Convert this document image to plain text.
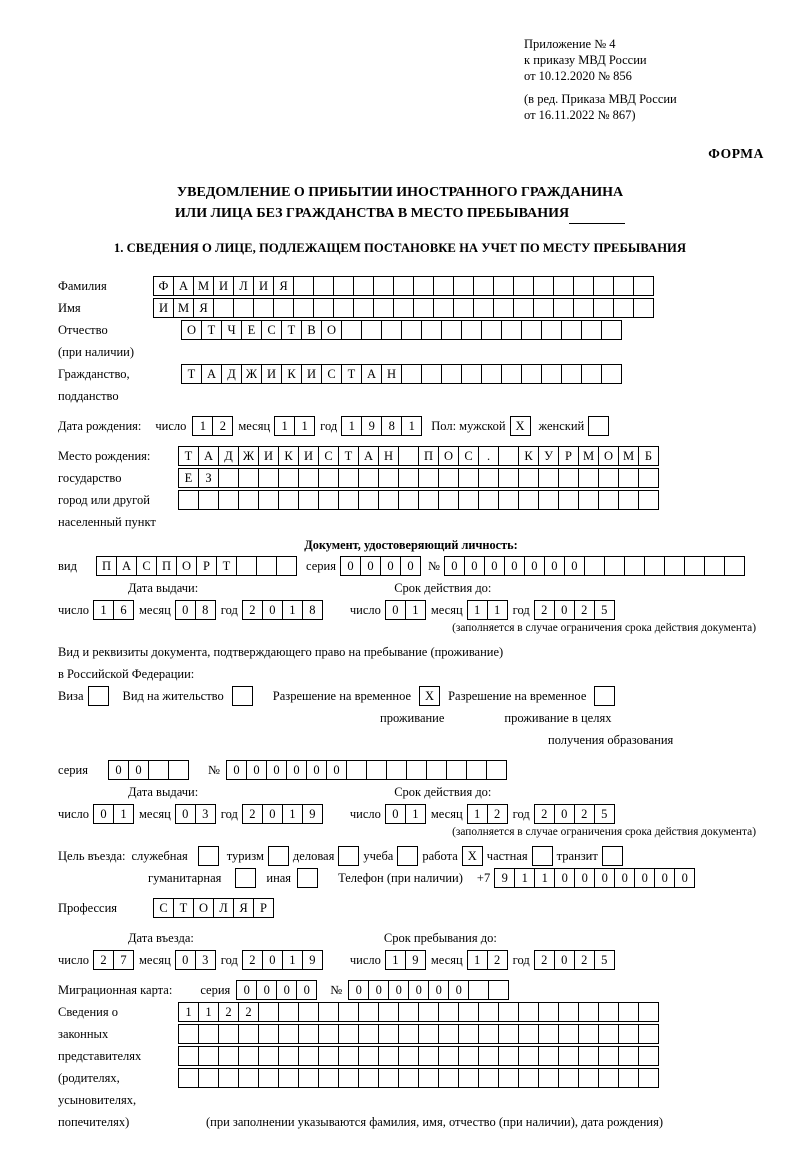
Приложение № 4
к приказу МВД России
от 10.12.2020 № 856
(в ред. Приказа МВД России
от 16.11.2022 № 867)
ФОРМА
УВЕДОМЛЕНИЕ О ПРИБЫТИИ ИНОСТРАННОГО ГРАЖДАНИНА
ИЛИ ЛИЦА БЕЗ ГРАЖДАНСТВА В МЕСТО ПРЕБЫВАНИЯ
1. СВЕДЕНИЯ О ЛИЦЕ, ПОДЛЕЖАЩЕМ ПОСТАНОВКЕ НА УЧЕТ ПО МЕСТУ ПРЕБЫВАНИЯ
Фамилия	Ф А М И Л И Я
Имя	И М Я
Отчество	О Т Ч Е С Т В О
(при наличии)
Гражданство,	Т А Д Ж И К И С Т А Н
подданство
Дата рождения: число	1	2 месяц 1	1 год 1	9	8	1	Пол: мужской X	женский
Место рождения:	Т А Д Ж И К И С Т А Н	П О С	.	К У Р М О М Б
государство	Е	З
город или другой
населенный пункт
Документ, удостоверяющий личность:
вид	П А С П О Р	Т	серия 0	0	0	0	№ 0	0	0	0	0	0	0
Дата выдачи:	Срок действия до:
число 1	6 месяц 0	8 год 2	0	1	8	число 0	1 месяц 1	1 год 2	0	2	5
(заполняется в случае ограничения срока действия документа)
Вид и реквизиты документа, подтверждающего право на пребывание (проживание)
в Российской Федерации:
Виза	Вид на жительство	Разрешение на временное	X	Разрешение на временное
проживание	проживание в целях
получения образования
серия	0	0	№	0	0	0	0	0	0
Дата выдачи:	Срок действия до:
число 0	1 месяц 0	3 год 2	0	1	9	число 0	1 месяц 1	2 год 2	0	2	5
(заполняется в случае ограничения срока действия документа)
Цель въезда: служебная	туризм деловая учеба работа X частная транзит
гуманитарная	иная	Телефон (при наличии) +7 9	1	1	0	0	0	0	0	0	0
Профессия	С Т О Л Я Р
Дата въезда:	Срок пребывания до:
число 2	7 месяц 0	3 год 2	0	1	9	число 1	9 месяц 1	2 год 2	0	2	5
Миграционная карта: серия	0	0	0	0	№	0	0	0	0	0	0
Сведения о	1	1	2	2
законных
представителях
(родителях,
усыновителях,
попечителях)	(при заполнении указываются фамилия, имя, отчество (при наличии), дата рождения)
